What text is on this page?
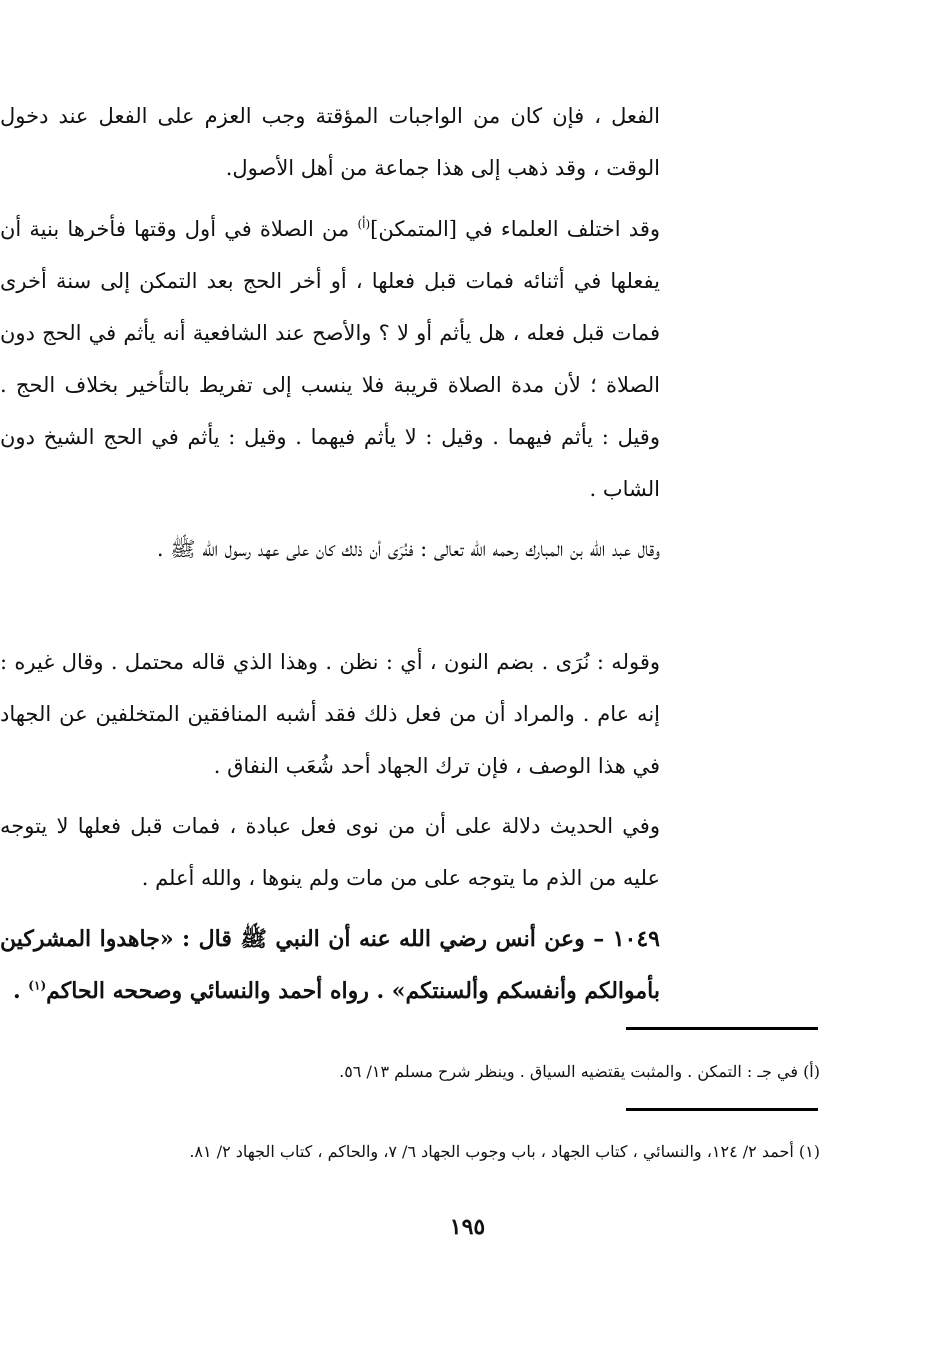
الفعل ، فإن كان من الواجبات المؤقتة وجب العزم على الفعل عند دخول الوقت ، وقد ذهب إلى هذا جماعة من أهل الأصول.

وقد اختلف العلماء في [المتمكن]$^{(أ)}$ من الصلاة في أول وقتها فأخرها بنية أن يفعلها في أثنائه فمات قبل فعلها ، أو أخر الحج بعد التمكن إلى سنة أخرى فمات قبل فعله ، هل يأثم أو لا ؟ والأصح عند الشافعية أنه يأثم في الحج دون الصلاة ؛ لأن مدة الصلاة قريبة فلا ينسب إلى تفريط بالتأخير بخلاف الحج . وقيل : يأثم فيهما . وقيل : لا يأثم فيهما . وقيل : يأثم في الحج الشيخ دون الشاب .

وقال عبد الله بن المبارك رحمه الله تعالى : فنُرَى أن ذلك كان على عهد رسول الله ﷺ .

وقوله : نُرَى . بضم النون ، أي : نظن . وهذا الذي قاله محتمل . وقال غيره : إنه عام . والمراد أن من فعل ذلك فقد أشبه المنافقين المتخلفين عن الجهاد في هذا الوصف ، فإن ترك الجهاد أحد شُعَب النفاق .

وفي الحديث دلالة على أن من نوى فعل عبادة ، فمات قبل فعلها لا يتوجه عليه من الذم ما يتوجه على من مات ولم ينوها ، والله أعلم .

١٠٤٩ – وعن أنس رضي الله عنه أن النبي ﷺ قال : «جاهدوا المشركين بأموالكم وأنفسكم وألسنتكم» . رواه أحمد والنسائي وصححه الحاكم$^{(١)}$ .

(أ) في جـ : التمكن . والمثبت يقتضيه السياق . وينظر شرح مسلم ١٣/ ٥٦.

(١) أحمد ٢/ ١٢٤، والنسائي ، كتاب الجهاد ، باب وجوب الجهاد ٦/ ٧، والحاكم ، كتاب الجهاد ٢/ ٨١.

١٩٥
